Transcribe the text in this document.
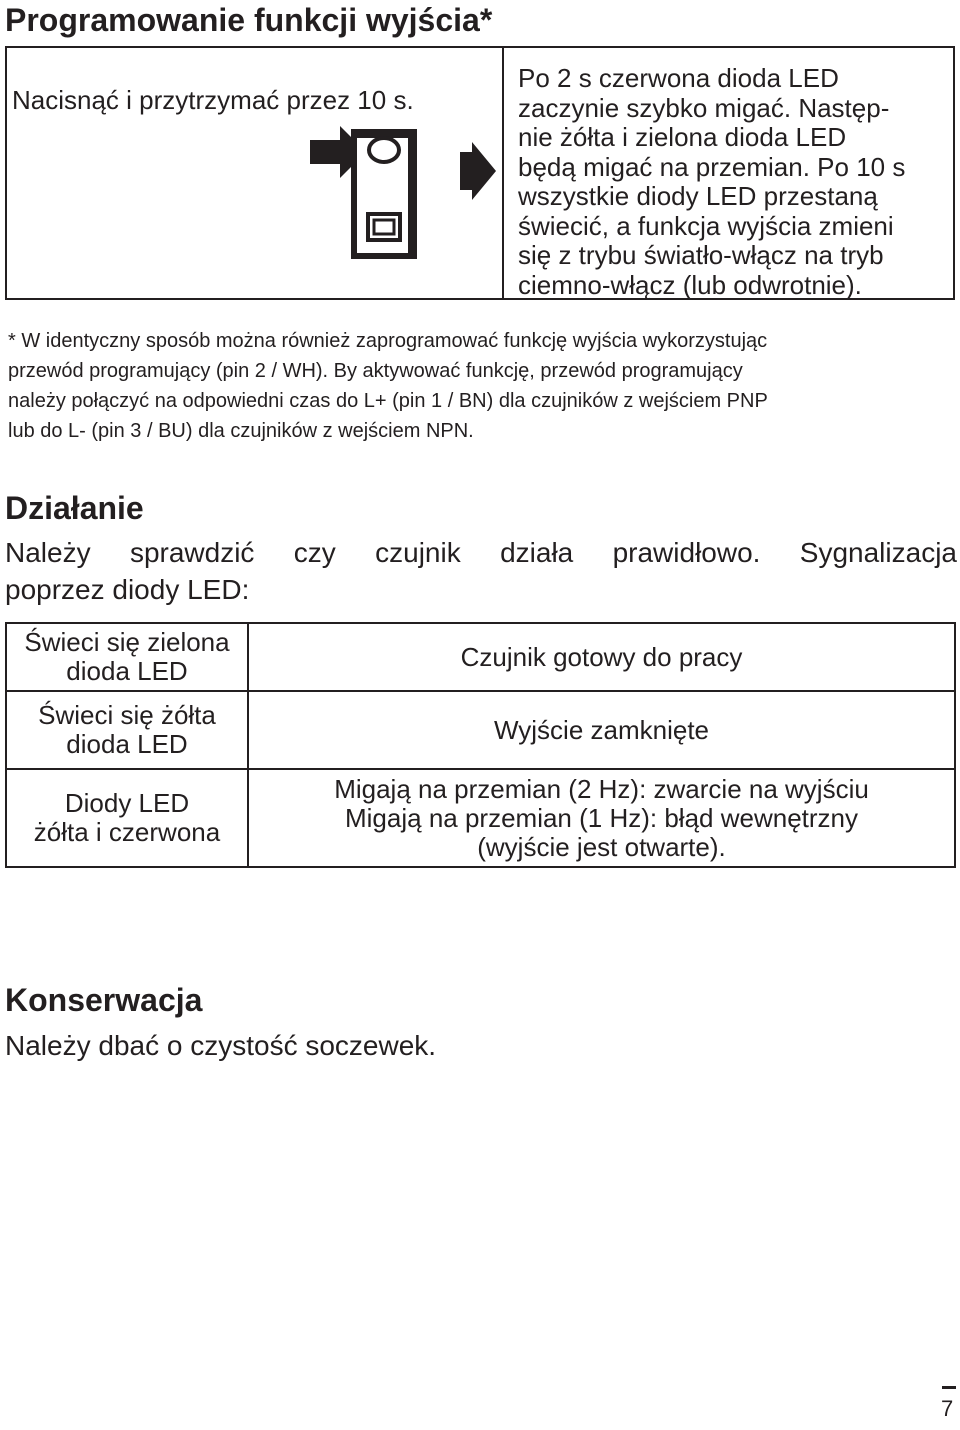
Programowanie funkcji wyjścia*
Nacisnąć i przytrzymać przez 10 s.
Po 2 s czerwona dioda LED
zaczynie szybko migać. Następ-
nie żółta i zielona dioda LED
będą migać na przemian. Po 10 s
wszystkie diody LED przestaną
świecić, a funkcja wyjścia zmieni
się z trybu światło-włącz na tryb
ciemno-włącz (lub odwrotnie).
* W identyczny sposób można również zaprogramować funkcję wyjścia wykorzystując
przewód programujący (pin 2 / WH). By aktywować funkcję, przewód programujący
należy połączyć na odpowiedni czas do L+ (pin 1 / BN) dla czujników z wejściem PNP
lub do L- (pin 3 / BU) dla czujników z wejściem NPN.
Działanie
Należy sprawdzić czy czujnik działa prawidłowo. Sygnalizacja
poprzez diody LED:
Świeci się zielona
dioda LED	Czujnik gotowy do pracy
Świeci się żółta
dioda LED	Wyjście zamknięte
Diody LED
żółta i czerwona
Migają na przemian (2 Hz): zwarcie na wyjściu
Migają na przemian (1 Hz): błąd wewnętrzny
(wyjście jest otwarte).
Konserwacja
Należy dbać o czystość soczewek.
7
